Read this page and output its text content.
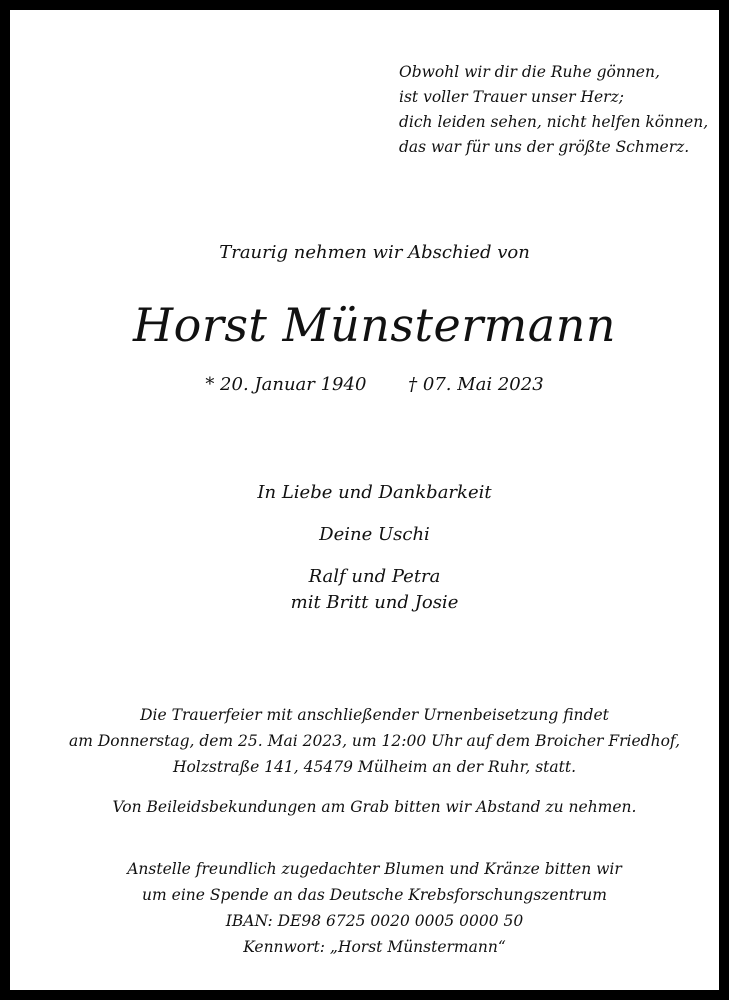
Obwohl wir dir die Ruhe gönnen,
ist voller Trauer unser Herz;
dich leiden sehen, nicht helfen können,
das war für uns der größte Schmerz.
Traurig nehmen wir Abschied von
Horst Münstermann
* 20. Januar 1940 † 07. Mai 2023
In Liebe und Dankbarkeit
Deine Uschi
Ralf und Petra
mit Britt und Josie
Die Trauerfeier mit anschließender Urnenbeisetzung findet
am Donnerstag, dem 25. Mai 2023, um 12:00 Uhr auf dem Broicher Friedhof,
Holzstraße 141, 45479 Mülheim an der Ruhr, statt.
Von Beileidsbekundungen am Grab bitten wir Abstand zu nehmen.
Anstelle freundlich zugedachter Blumen und Kränze bitten wir
um eine Spende an das Deutsche Krebsforschungszentrum
IBAN: DE98 6725 0020 0005 0000 50
Kennwort: „Horst Münstermann“
